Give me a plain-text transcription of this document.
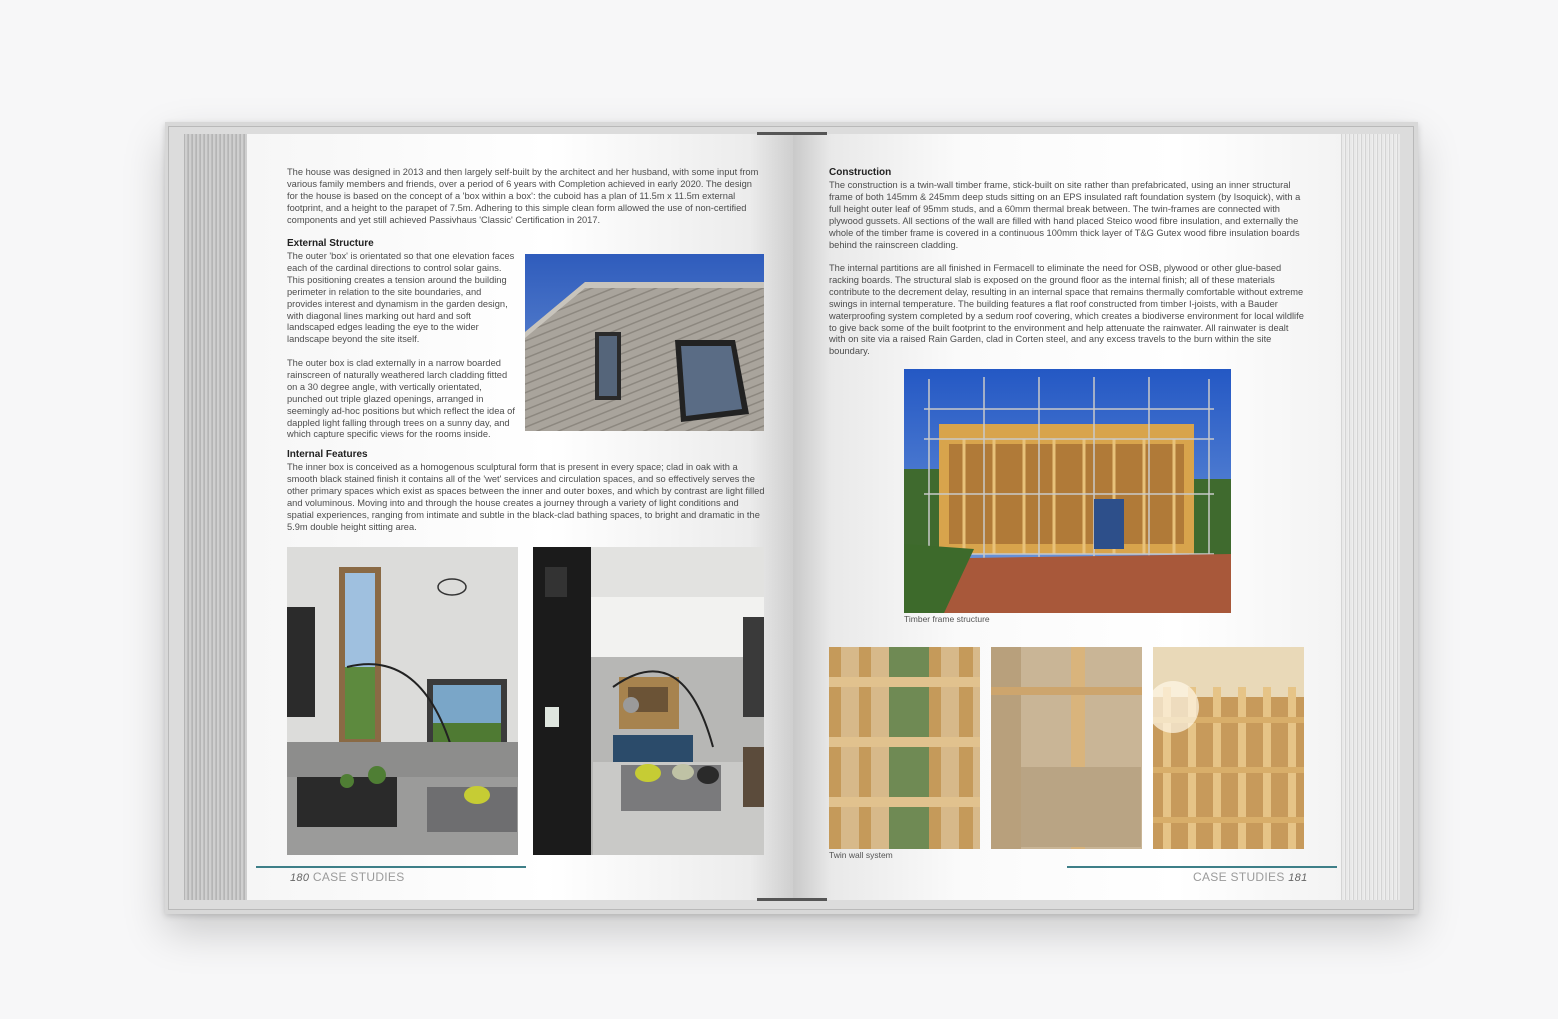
The house was designed in 2013 and then largely self-built by the architect and her husband, with some input from various family members and friends, over a period of 6 years with Completion achieved in early 2020. The design for the house is based on the concept of a 'box within a box': the cuboid has a plan of 11.5m x 11.5m external footprint, and a height to the parapet of 7.5m. Adhering to this simple clean form allowed the use of non-certified components and yet still achieved Passivhaus 'Classic' Certification in 2017.
External Structure
The outer 'box' is orientated so that one elevation faces each of the cardinal directions to control solar gains. This positioning creates a tension around the building perimeter in relation to the site boundaries, and provides interest and dynamism in the garden design, with diagonal lines marking out hard and soft landscaped edges leading the eye to the wider landscape beyond the site itself.
The outer box is clad externally in a narrow boarded rainscreen of naturally weathered larch cladding fitted on a 30 degree angle, with vertically orientated, punched out triple glazed openings, arranged in seemingly ad-hoc positions but which reflect the idea of dappled light falling through trees on a sunny day, and which capture specific views for the rooms inside.
Internal Features
The inner box is conceived as a homogenous sculptural form that is present in every space; clad in oak with a smooth black stained finish it contains all of the 'wet' services and circulation spaces, and so effectively serves the other primary spaces which exist as spaces between the inner and outer boxes, and which by contrast are light filled and voluminous. Moving into and through the house creates a journey through a variety of light conditions and spatial experiences, ranging from intimate and subtle in the black-clad bathing spaces, to bright and dramatic in the 5.9m double height sitting area.
180 CASE STUDIES
Construction
The construction is a twin-wall timber frame, stick-built on site rather than prefabricated, using an inner structural frame of both 145mm & 245mm deep studs sitting on an EPS insulated raft foundation system (by Isoquick), with a full height outer leaf of 95mm studs, and a 60mm thermal break between. The twin-frames are connected with plywood gussets. All sections of the wall are filled with hand placed Steico wood fibre insulation, and externally the whole of the timber frame is covered in a continuous 100mm thick layer of T&G Gutex wood fibre insulation boards behind the rainscreen cladding.
The internal partitions are all finished in Fermacell to eliminate the need for OSB, plywood or other glue-based racking boards. The structural slab is exposed on the ground floor as the internal finish; all of these materials contribute to the decrement delay, resulting in an internal space that remains thermally comfortable without extreme swings in internal temperature. The building features a flat roof constructed from timber I-joists, with a Bauder waterproofing system completed by a sedum roof covering, which creates a biodiverse environment for local wildlife to give back some of the built footprint to the environment and help attenuate the rainwater. All rainwater is dealt with on site via a raised Rain Garden, clad in Corten steel, and any excess travels to the burn within the site boundary.
Timber frame structure
Twin wall system
CASE STUDIES 181
